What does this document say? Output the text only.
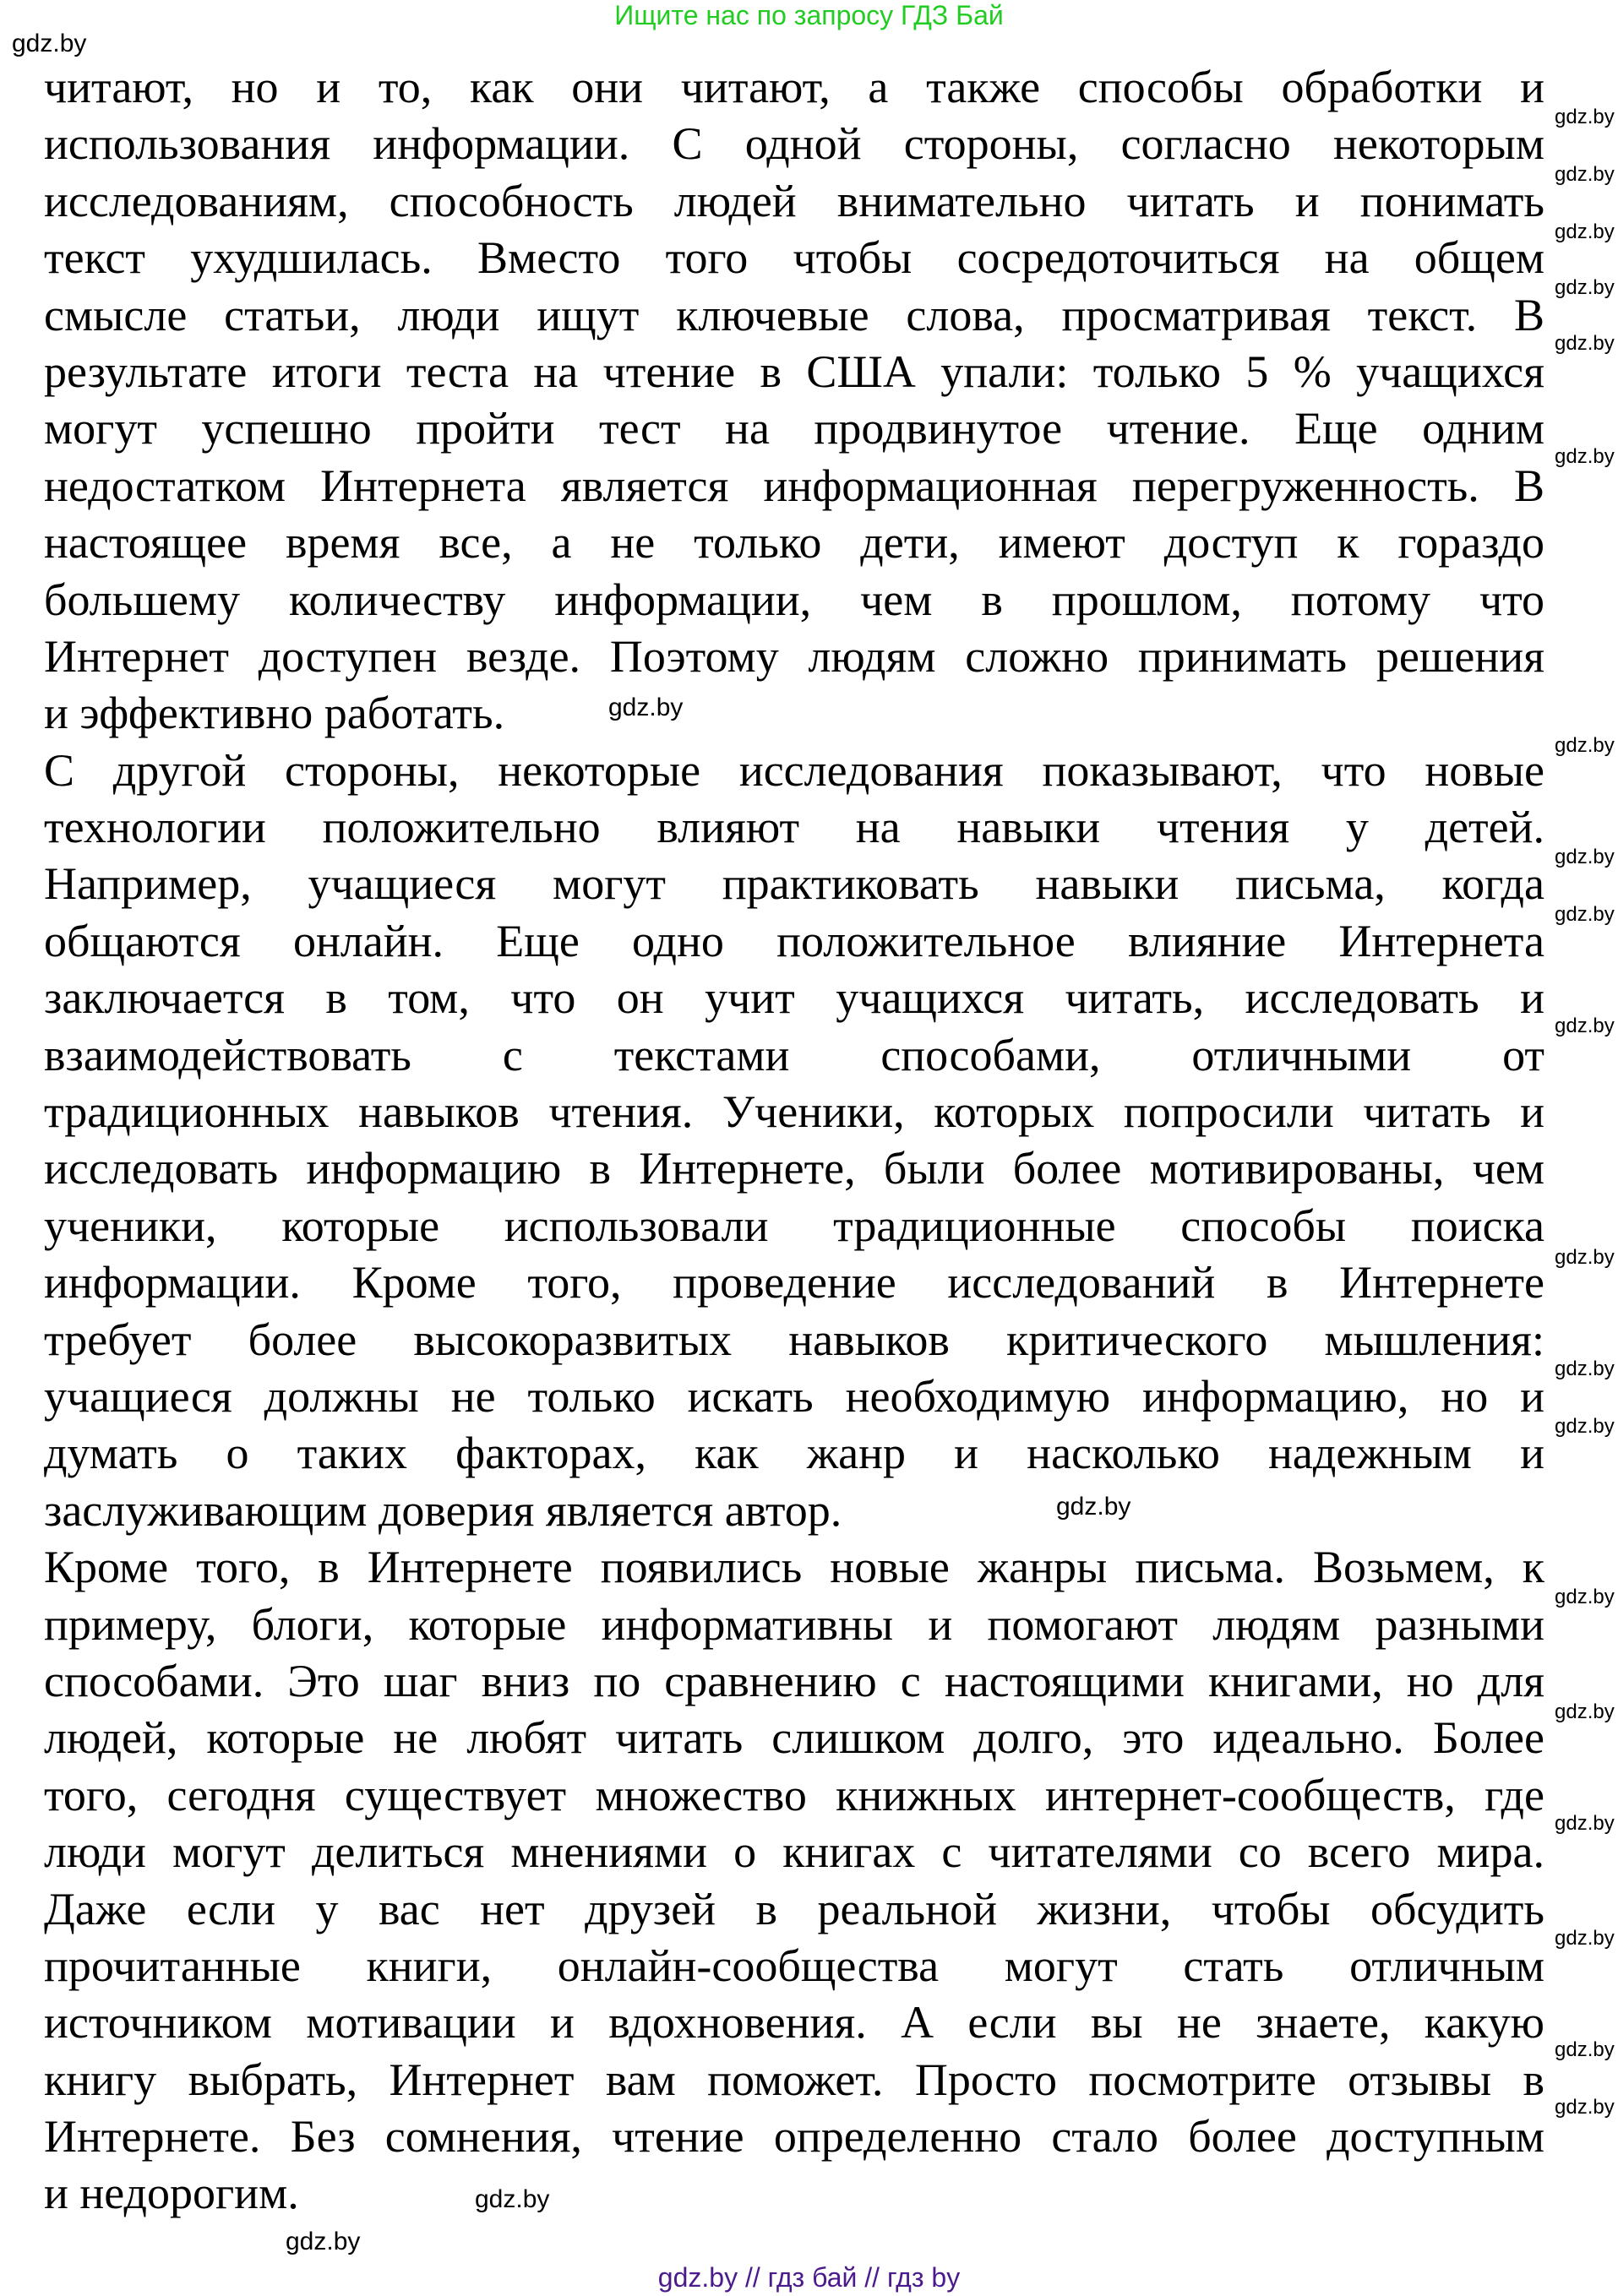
Ищите нас по запросу ГДЗ Бай
читают, но и то, как они читают, а также способы обработки и
использования информации. С одной стороны, согласно некоторым
исследованиям, способность людей внимательно читать и понимать
текст ухудшилась. Вместо того чтобы сосредоточиться на общем
смысле статьи, люди ищут ключевые слова, просматривая текст. В
результате итоги теста на чтение в США упали: только 5 % учащихся
могут успешно пройти тест на продвинутое чтение. Еще одним
недостатком Интернета является информационная перегруженность. В
настоящее время все, а не только дети, имеют доступ к гораздо
большему количеству информации, чем в прошлом, потому что
Интернет доступен везде. Поэтому людям сложно принимать решения
и эффективно работать.
С другой стороны, некоторые исследования показывают, что новые
технологии положительно влияют на навыки чтения у детей.
Например, учащиеся могут практиковать навыки письма, когда
общаются онлайн. Еще одно положительное влияние Интернета
заключается в том, что он учит учащихся читать, исследовать и
взаимодействовать с текстами способами, отличными от
традиционных навыков чтения. Ученики, которых попросили читать и
исследовать информацию в Интернете, были более мотивированы, чем
ученики, которые использовали традиционные способы поиска
информации. Кроме того, проведение исследований в Интернете
требует более высокоразвитых навыков критического мышления:
учащиеся должны не только искать необходимую информацию, но и
думать о таких факторах, как жанр и насколько надежным и
заслуживающим доверия является автор.
Кроме того, в Интернете появились новые жанры письма. Возьмем, к
примеру, блоги, которые информативны и помогают людям разными
способами. Это шаг вниз по сравнению с настоящими книгами, но для
людей, которые не любят читать слишком долго, это идеально. Более
того, сегодня существует множество книжных интернет-сообществ, где
люди могут делиться мнениями о книгах с читателями со всего мира.
Даже если у вас нет друзей в реальной жизни, чтобы обсудить
прочитанные книги, онлайн-сообщества могут стать отличным
источником мотивации и вдохновения. А если вы не знаете, какую
книгу выбрать, Интернет вам поможет. Просто посмотрите отзывы в
Интернете. Без сомнения, чтение определенно стало более доступным
и недорогим.
gdz.by
gdz.by
gdz.by
gdz.by
gdz.by
gdz.by
gdz.by
gdz.by
gdz.by
gdz.by
gdz.by
gdz.by
gdz.by
gdz.by
gdz.by
gdz.by
gdz.by
gdz.by
gdz.by
gdz.by
gdz.by
gdz.by
gdz.by
gdz.by
gdz.by // гдз бай // гдз by
